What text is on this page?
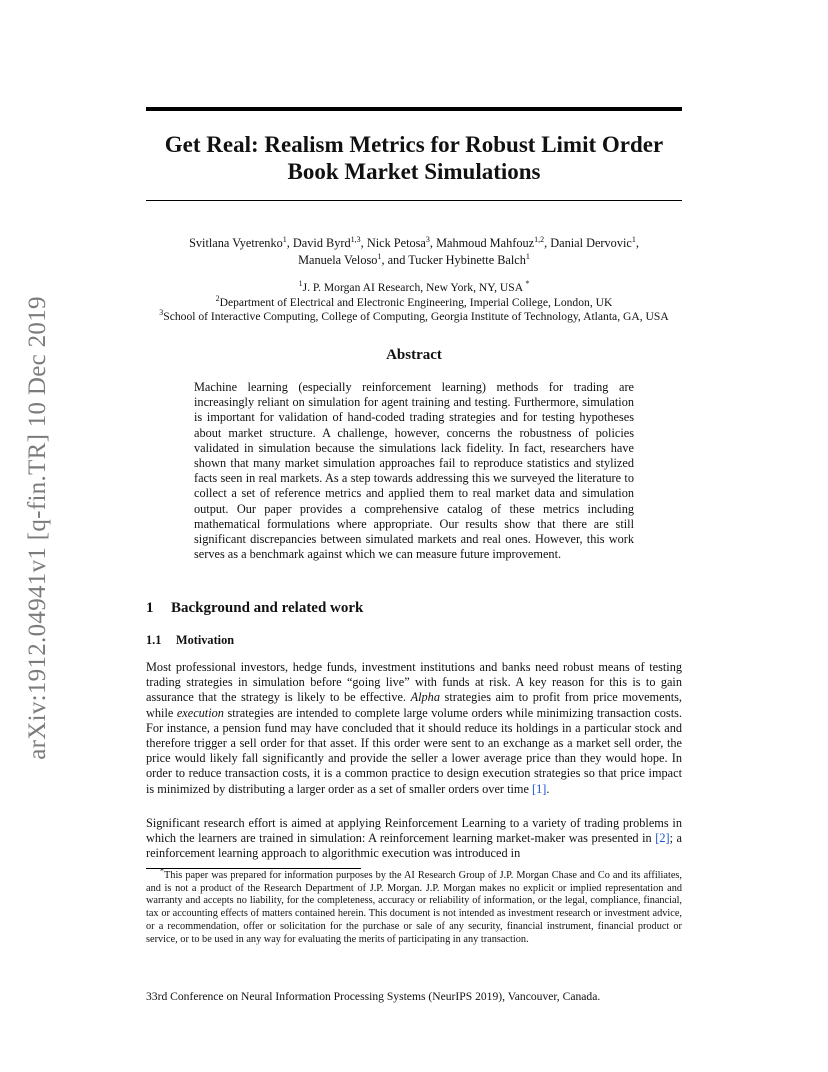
arXiv:1912.04941v1 [q-fin.TR] 10 Dec 2019
Get Real: Realism Metrics for Robust Limit Order
Book Market Simulations
Svitlana Vyetrenko$^1$, David Byrd$^{1,3}$, Nick Petosa$^3$, Mahmoud Mahfouz$^{1,2}$, Danial Dervovic$^1$,
Manuela Veloso$^1$, and Tucker Hybinette Balch$^1$
$^1$J. P. Morgan AI Research, New York, NY, USA *
$^2$Department of Electrical and Electronic Engineering, Imperial College, London, UK
$^3$School of Interactive Computing, College of Computing, Georgia Institute of Technology, Atlanta, GA, USA
Abstract
Machine learning (especially reinforcement learning) methods for trading are increasingly reliant on simulation for agent training and testing. Furthermore, simulation is important for validation of hand-coded trading strategies and for testing hypotheses about market structure. A challenge, however, concerns the robustness of policies validated in simulation because the simulations lack fidelity. In fact, researchers have shown that many market simulation approaches fail to reproduce statistics and stylized facts seen in real markets. As a step towards addressing this we surveyed the literature to collect a set of reference metrics and applied them to real market data and simulation output. Our paper provides a comprehensive catalog of these metrics including mathematical formulations where appropriate. Our results show that there are still significant discrepancies between simulated markets and real ones. However, this work serves as a benchmark against which we can measure future improvement.
1 Background and related work
1.1 Motivation
Most professional investors, hedge funds, investment institutions and banks need robust means of testing trading strategies in simulation before “going live” with funds at risk. A key reason for this is to gain assurance that the strategy is likely to be effective. Alpha strategies aim to profit from price movements, while execution strategies are intended to complete large volume orders while minimizing transaction costs. For instance, a pension fund may have concluded that it should reduce its holdings in a particular stock and therefore trigger a sell order for that asset. If this order were sent to an exchange as a market sell order, the price would likely fall significantly and provide the seller a lower average price than they would hope. In order to reduce transaction costs, it is a common practice to design execution strategies so that price impact is minimized by distributing a larger order as a set of smaller orders over time [1].
Significant research effort is aimed at applying Reinforcement Learning to a variety of trading problems in which the learners are trained in simulation: A reinforcement learning market-maker was presented in [2]; a reinforcement learning approach to algorithmic execution was introduced in
*This paper was prepared for information purposes by the AI Research Group of J.P. Morgan Chase and Co and its affiliates, and is not a product of the Research Department of J.P. Morgan. J.P. Morgan makes no explicit or implied representation and warranty and accepts no liability, for the completeness, accuracy or reliability of information, or the legal, compliance, financial, tax or accounting effects of matters contained herein. This document is not intended as investment research or investment advice, or a recommendation, offer or solicitation for the purchase or sale of any security, financial instrument, financial product or service, or to be used in any way for evaluating the merits of participating in any transaction.
33rd Conference on Neural Information Processing Systems (NeurIPS 2019), Vancouver, Canada.
